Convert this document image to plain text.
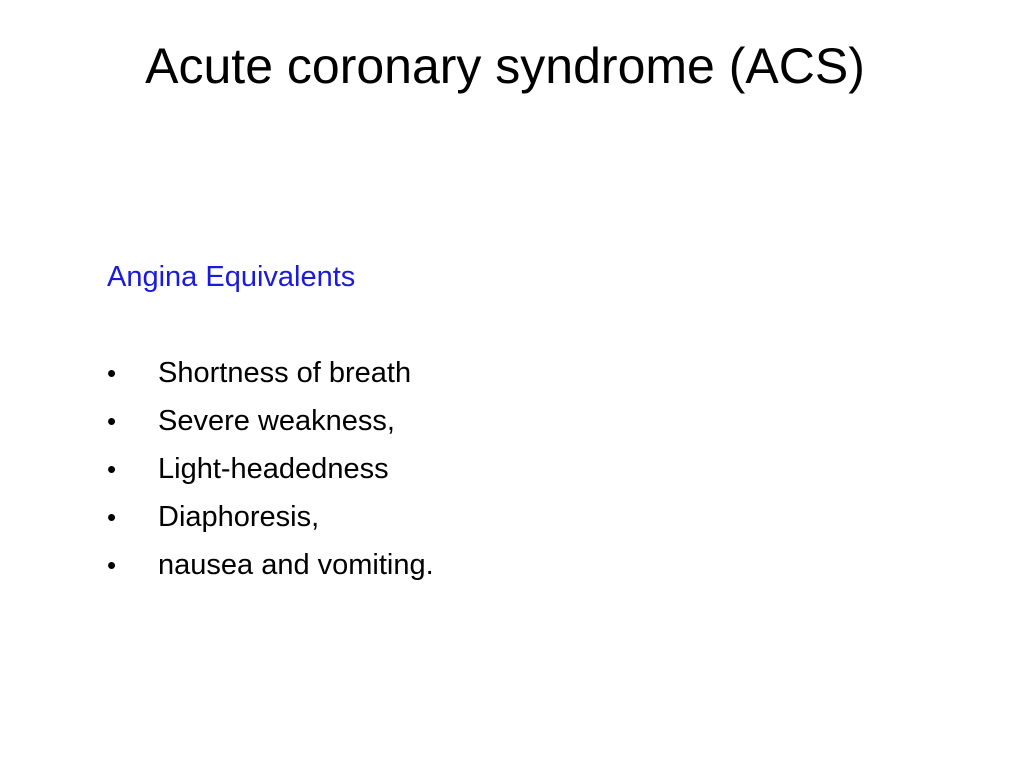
Acute coronary syndrome (ACS)

Angina Equivalents

•	Shortness of breath
•	Severe weakness,
•	Light-headedness
•	Diaphoresis,
•	nausea and vomiting.
